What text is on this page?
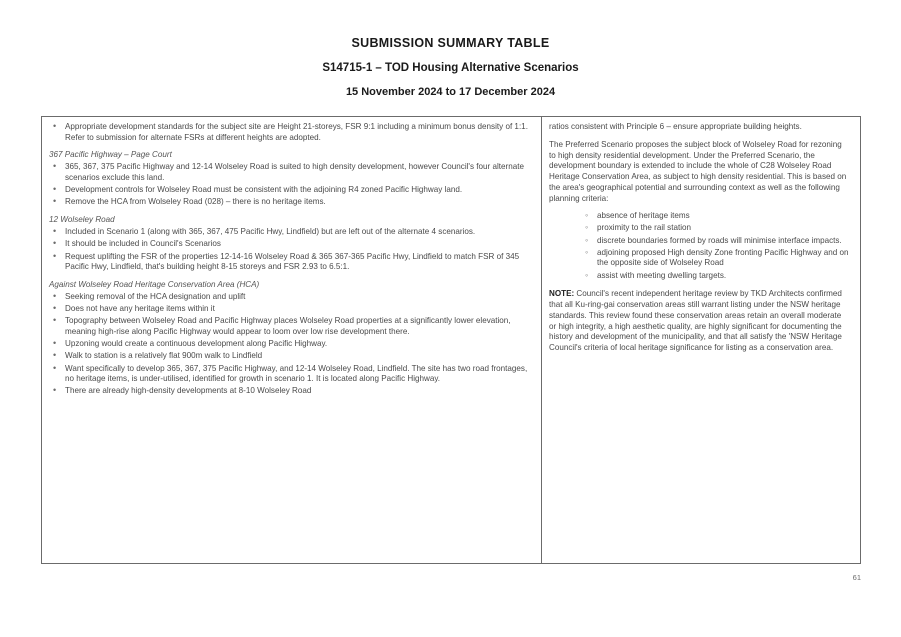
SUBMISSION SUMMARY TABLE
S14715-1 – TOD Housing Alternative Scenarios
15 November 2024 to 17 December 2024
• Appropriate development standards for the subject site are Height 21-storeys, FSR 9:1 including a minimum bonus density of 1:1. Refer to submission for alternate FSRs at different heights are adopted.
367 Pacific Highway – Page Court
• 365, 367, 375 Pacific Highway and 12-14 Wolseley Road is suited to high density development, however Council's four alternate scenarios exclude this land.
• Development controls for Wolseley Road must be consistent with the adjoining R4 zoned Pacific Highway land.
• Remove the HCA from Wolseley Road (028) – there is no heritage items.
12 Wolseley Road
• Included in Scenario 1 (along with 365, 367, 475 Pacific Hwy, Lindfield) but are left out of the alternate 4 scenarios.
• It should be included in Council's Scenarios
• Request uplifting the FSR of the properties 12-14-16 Wolseley Road & 365 367-365 Pacific Hwy, Lindfield to match FSR of 345 Pacific Hwy, Lindfield, that's building height 8-15 storeys and FSR 2.93 to 6.5:1.
Against Wolseley Road Heritage Conservation Area (HCA)
• Seeking removal of the HCA designation and uplift
• Does not have any heritage items within it
• Topography between Wolseley Road and Pacific Highway places Wolseley Road properties at a significantly lower elevation, meaning high-rise along Pacific Highway would appear to loom over low rise development there.
• Upzoning would create a continuous development along Pacific Highway.
• Walk to station is a relatively flat 900m walk to Lindfield
• Want specifically to develop 365, 367, 375 Pacific Highway, and 12-14 Wolseley Road, Lindfield. The site has two road frontages, no heritage items, is under-utilised, identified for growth in scenario 1. It is located along Pacific Highway.
• There are already high-density developments at 8-10 Wolseley Road

ratios consistent with Principle 6 – ensure appropriate building heights.

The Preferred Scenario proposes the subject block of Wolseley Road for rezoning to high density residential development. Under the Preferred Scenario, the development boundary is extended to include the whole of C28 Wolseley Road Heritage Conservation Area, as subject to high density residential. This is based on the area's geographical potential and surrounding context as well as the following planning criteria:

◦ absence of heritage items
◦ proximity to the rail station
◦ discrete boundaries formed by roads will minimise interface impacts.
◦ adjoining proposed High density Zone fronting Pacific Highway and on the opposite side of Wolseley Road
◦ assist with meeting dwelling targets.

NOTE: Council's recent independent heritage review by TKD Architects confirmed that all Ku-ring-gai conservation areas still warrant listing under the NSW heritage standards. This review found these conservation areas retain an overall moderate or high integrity, a high aesthetic quality, are highly significant for documenting the history and development of the municipality, and that all satisfy the 'NSW Heritage Council's criteria of local heritage significance for listing as a conservation area.

61
